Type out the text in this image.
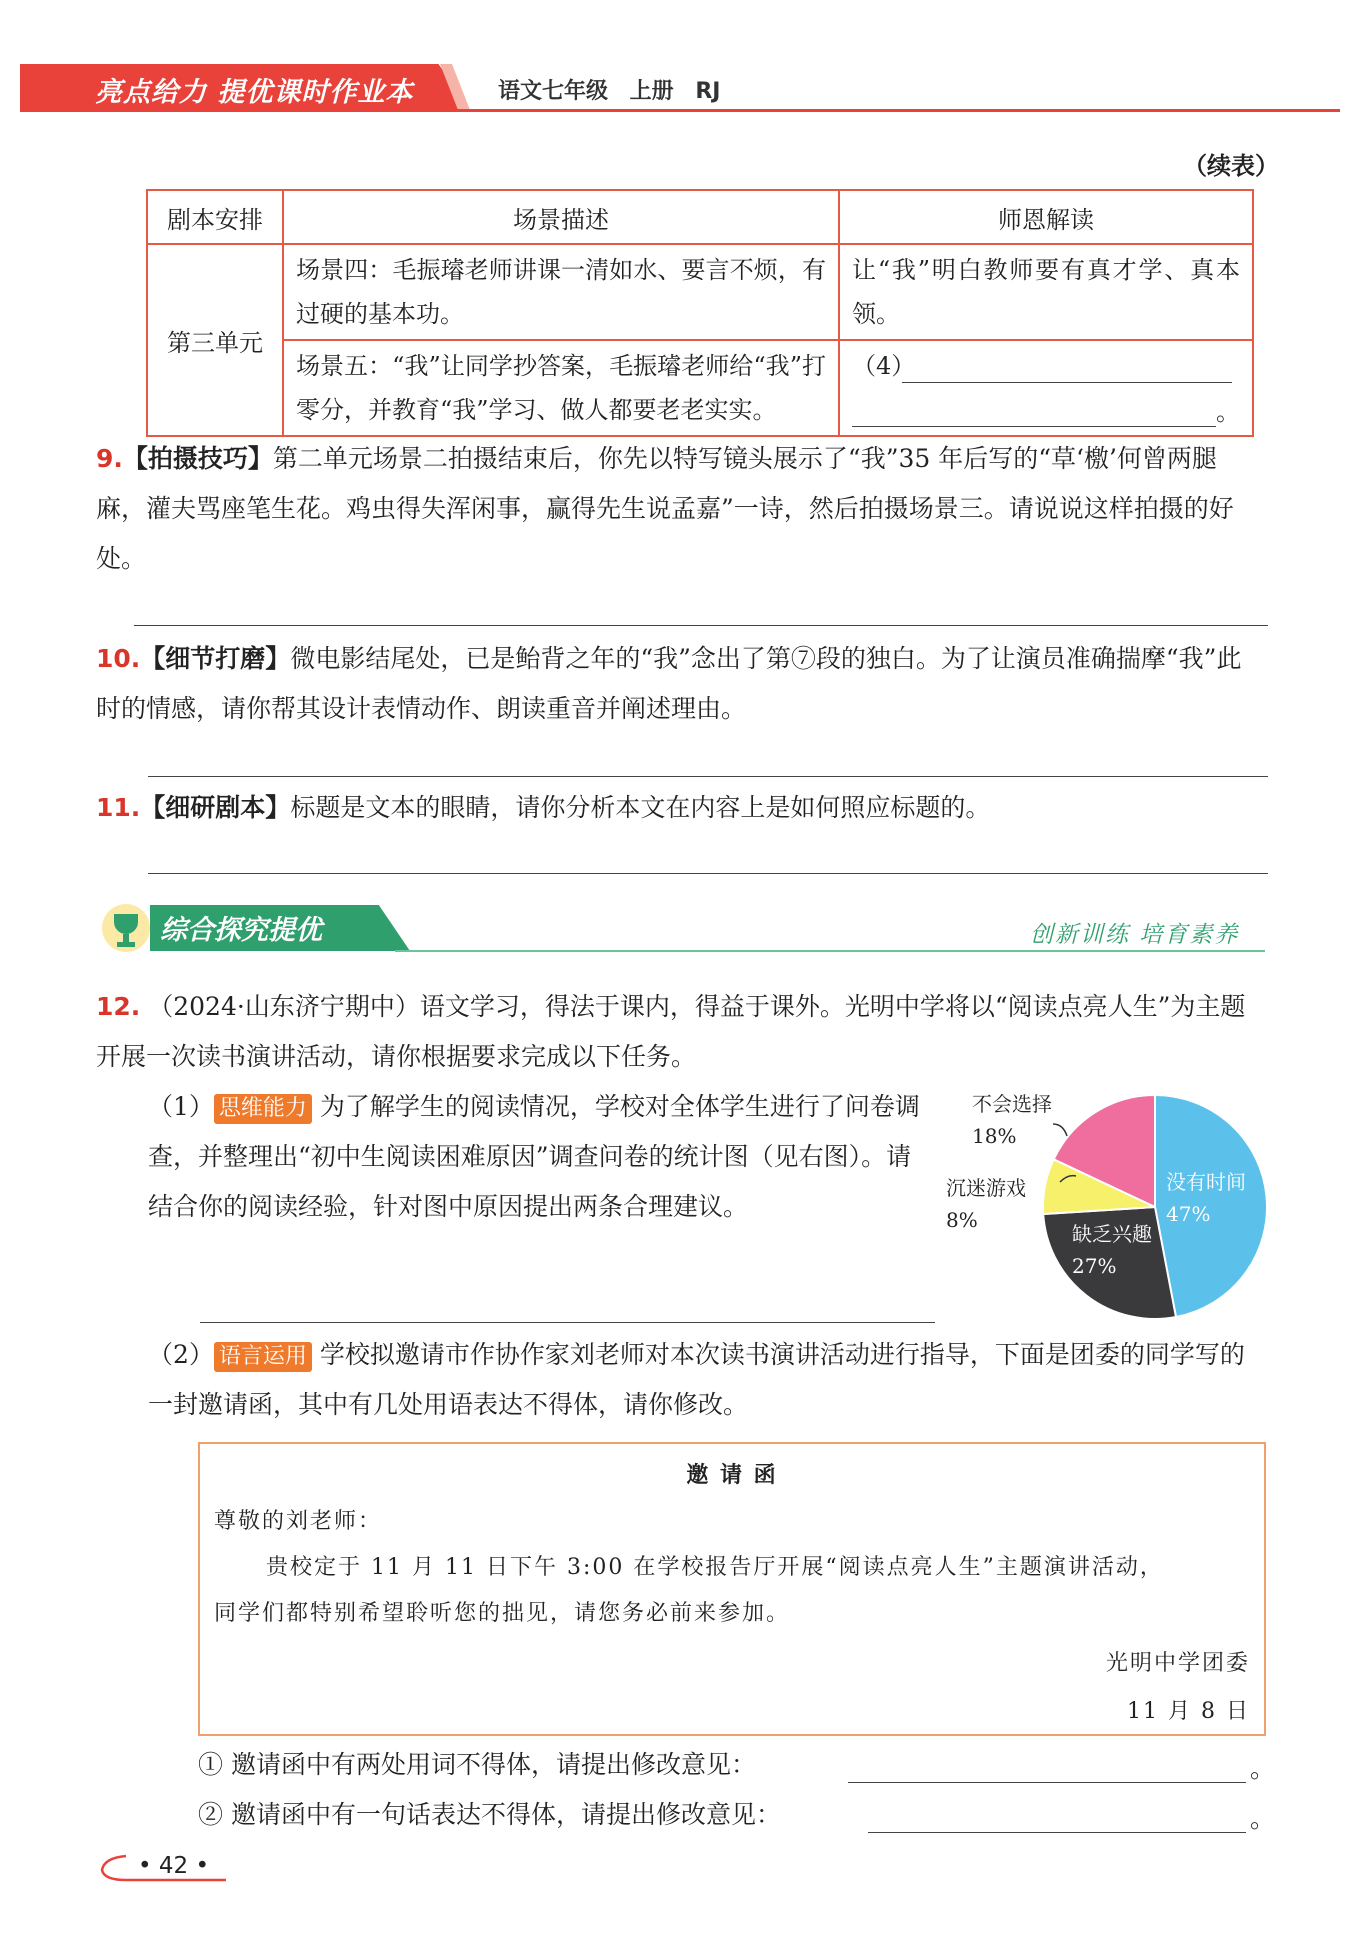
亮点给力 提优课时作业本	语文七年级 上册 RJ
（续表）
剧本安排	场景描述	师恩解读
第三单元	场景四：毛振璿老师讲课一清如水、要言不烦，有过硬的基本功。	让“我”明白教师要有真才学、真本领。
	场景五：“我”让同学抄答案，毛振璿老师给“我”打零分，并教育“我”学习、做人都要老老实实。	（4）
。
9.【拍摄技巧】第二单元场景二拍摄结束后，你先以特写镜头展示了“我”35 年后写的“草‘檄’何曾两腿麻，灌夫骂座笔生花。鸡虫得失浑闲事，赢得先生说孟嘉”一诗，然后拍摄场景三。请说说这样拍摄的好处。
10.【细节打磨】微电影结尾处，已是鲐背之年的“我”念出了第⑦段的独白。为了让演员准确揣摩“我”此时的情感，请你帮其设计表情动作、朗读重音并阐述理由。
11.【细研剧本】标题是文本的眼睛，请你分析本文在内容上是如何照应标题的。
综合探究提优	创新训练 培育素养
12. （2024·山东济宁期中）语文学习，得法于课内，得益于课外。光明中学将以“阅读点亮人生”为主题开展一次读书演讲活动，请你根据要求完成以下任务。
（1） 思维能力 为了解学生的阅读情况，学校对全体学生进行了问卷调查，并整理出“初中生阅读困难原因”调查问卷的统计图（见右图）。请结合你的阅读经验，针对图中原因提出两条合理建议。
不会选择18%
沉迷游戏8%
没有时间47%
缺乏兴趣27%
（2） 语言运用 学校拟邀请市作协作家刘老师对本次读书演讲活动进行指导，下面是团委的同学写的一封邀请函，其中有几处用语表达不得体，请你修改。
邀 请 函
尊敬的刘老师：
贵校定于 11 月 11 日下午 3:00 在学校报告厅开展“阅读点亮人生”主题演讲活动，
同学们都特别希望聆听您的拙见，请您务必前来参加。
光明中学团委
11 月 8 日
① 邀请函中有两处用词不得体，请提出修改意见：	。
② 邀请函中有一句话表达不得体，请提出修改意见：	。
• 42 •
